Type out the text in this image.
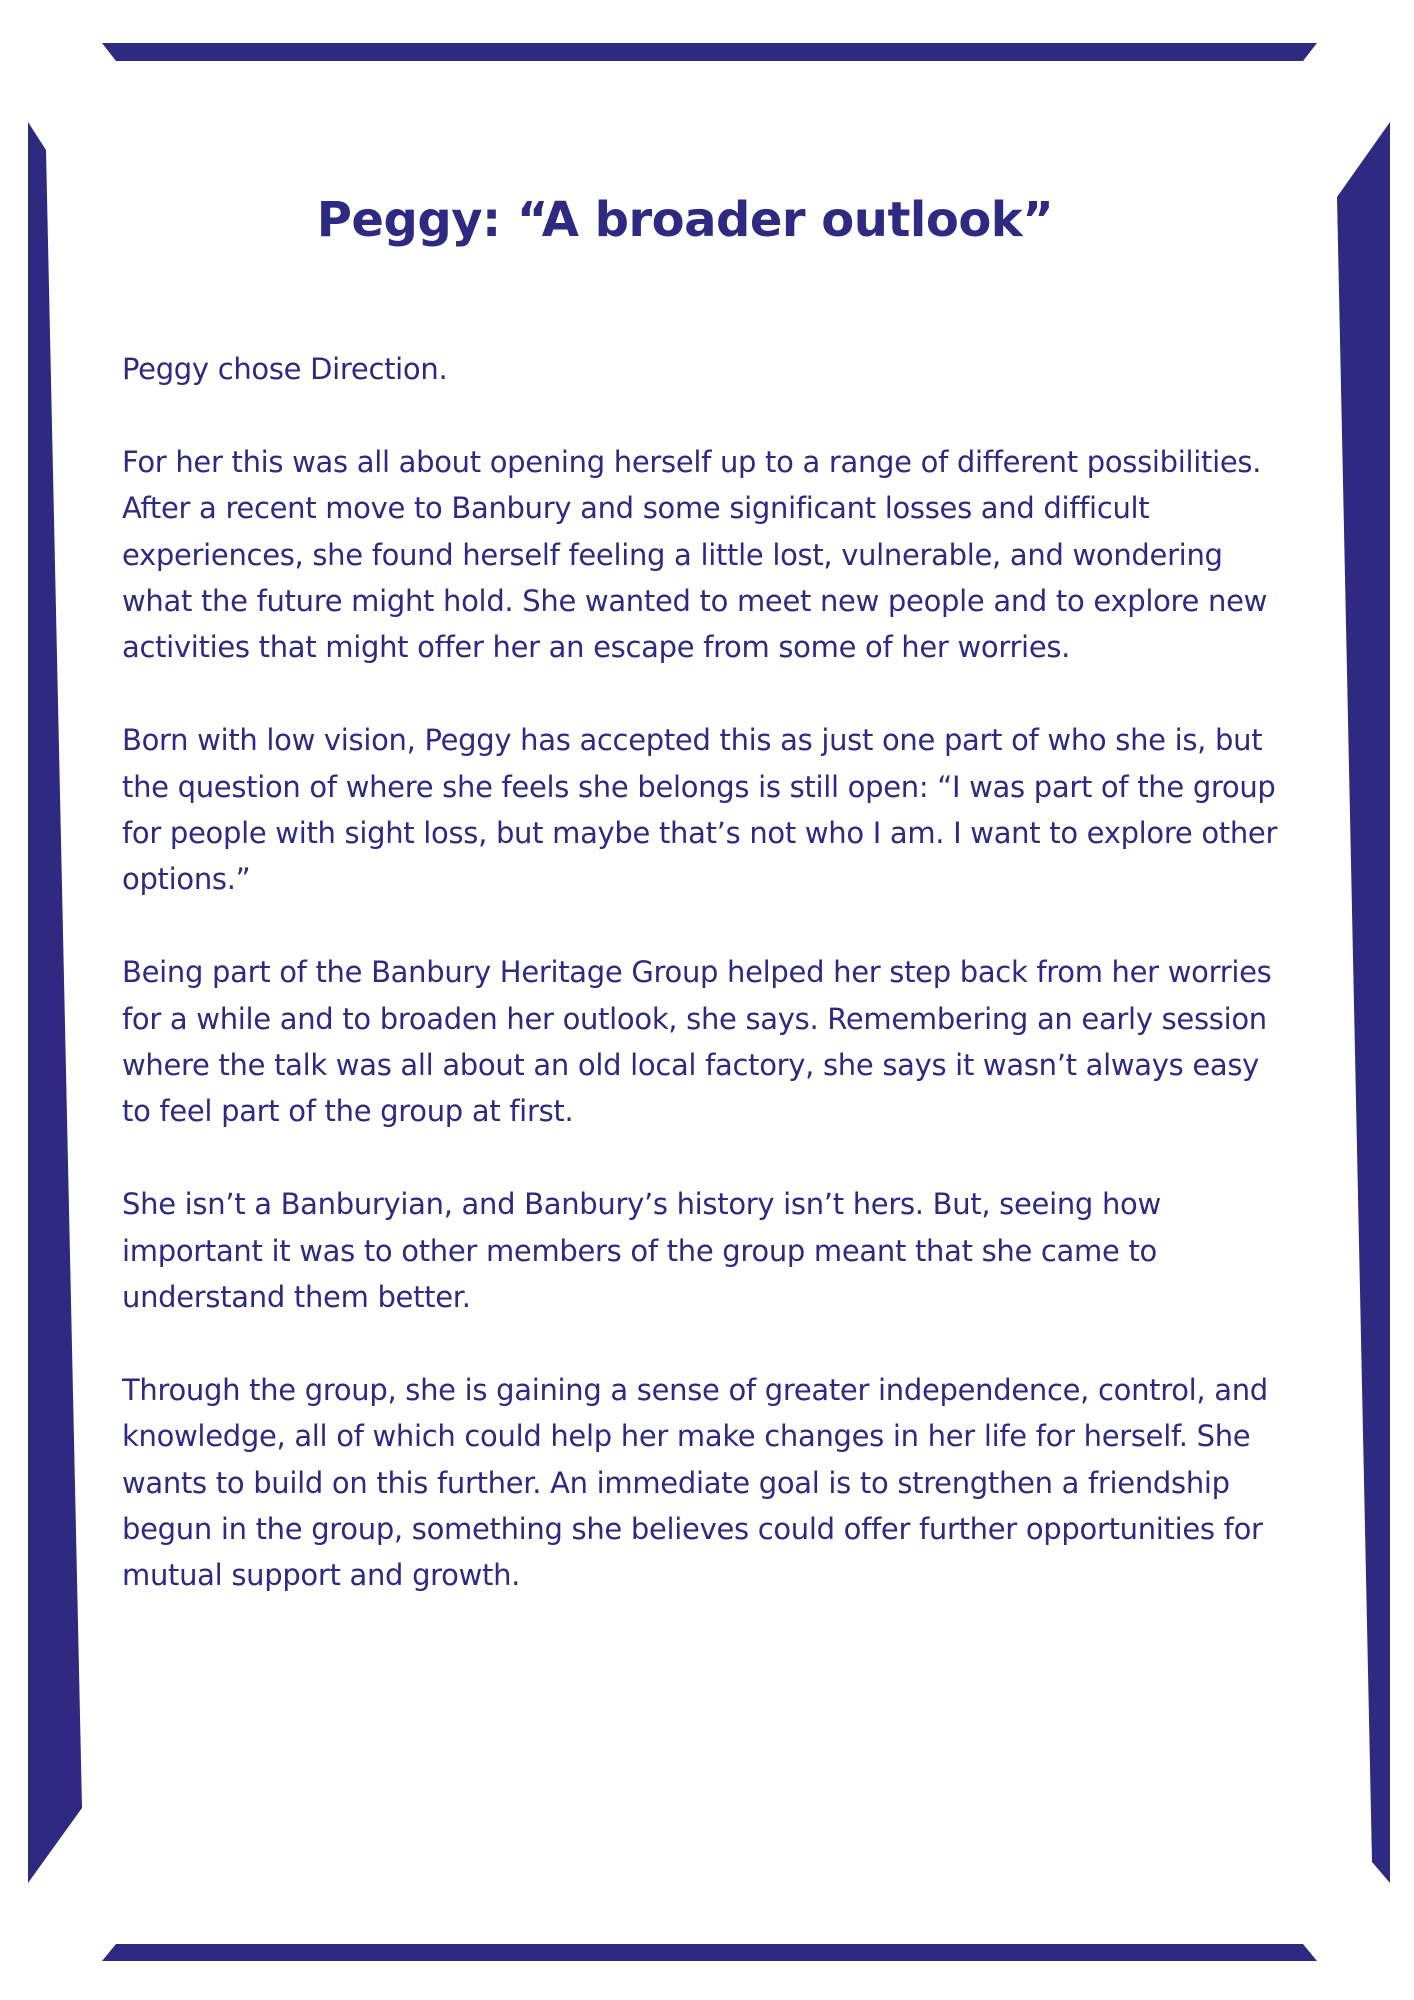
Peggy: “A broader outlook”

Peggy chose Direction.

For her this was all about opening herself up to a range of different possibilities. After a recent move to Banbury and some significant losses and difficult experiences, she found herself feeling a little lost, vulnerable, and wondering what the future might hold. She wanted to meet new people and to explore new activities that might offer her an escape from some of her worries.

Born with low vision, Peggy has accepted this as just one part of who she is, but the question of where she feels she belongs is still open: “I was part of the group for people with sight loss, but maybe that’s not who I am. I want to explore other options.”

Being part of the Banbury Heritage Group helped her step back from her worries for a while and to broaden her outlook, she says. Remembering an early session where the talk was all about an old local factory, she says it wasn’t always easy to feel part of the group at first.

She isn’t a Banburyian, and Banbury’s history isn’t hers. But, seeing how important it was to other members of the group meant that she came to understand them better.

Through the group, she is gaining a sense of greater independence, control, and knowledge, all of which could help her make changes in her life for herself. She wants to build on this further. An immediate goal is to strengthen a friendship begun in the group, something she believes could offer further opportunities for mutual support and growth.
